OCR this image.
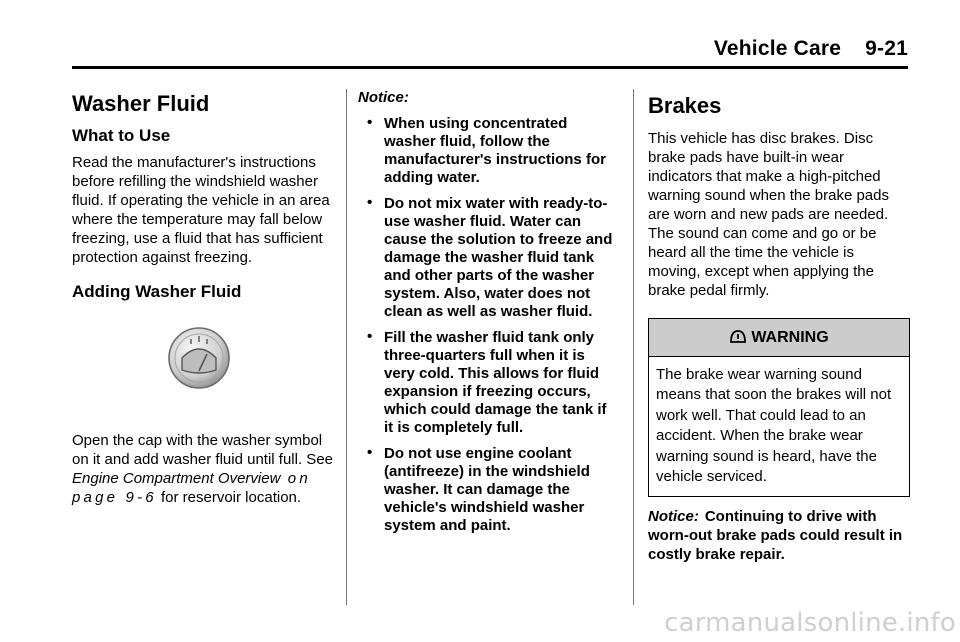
Vehicle Care 9-21
Washer Fluid
What to Use

Read the manufacturer's instructions before refilling the windshield washer fluid. If operating the vehicle in an area where the temperature may fall below freezing, use a fluid that has sufficient protection against freezing.

Adding Washer Fluid

Open the cap with the washer symbol on it and add washer fluid until full. See Engine Compartment Overview on page 9-6 for reservoir location.

Notice:
• When using concentrated washer fluid, follow the manufacturer's instructions for adding water.
• Do not mix water with ready-to-use washer fluid. Water can cause the solution to freeze and damage the washer fluid tank and other parts of the washer system. Also, water does not clean as well as washer fluid.
• Fill the washer fluid tank only three-quarters full when it is very cold. This allows for fluid expansion if freezing occurs, which could damage the tank if it is completely full.
• Do not use engine coolant (antifreeze) in the windshield washer. It can damage the vehicle's windshield washer system and paint.
Brakes

This vehicle has disc brakes. Disc brake pads have built-in wear indicators that make a high-pitched warning sound when the brake pads are worn and new pads are needed. The sound can come and go or be heard all the time the vehicle is moving, except when applying the brake pedal firmly.

WARNING
The brake wear warning sound means that soon the brakes will not work well. That could lead to an accident. When the brake wear warning sound is heard, have the vehicle serviced.

Notice: Continuing to drive with worn-out brake pads could result in costly brake repair.

carmanualsonline.info
